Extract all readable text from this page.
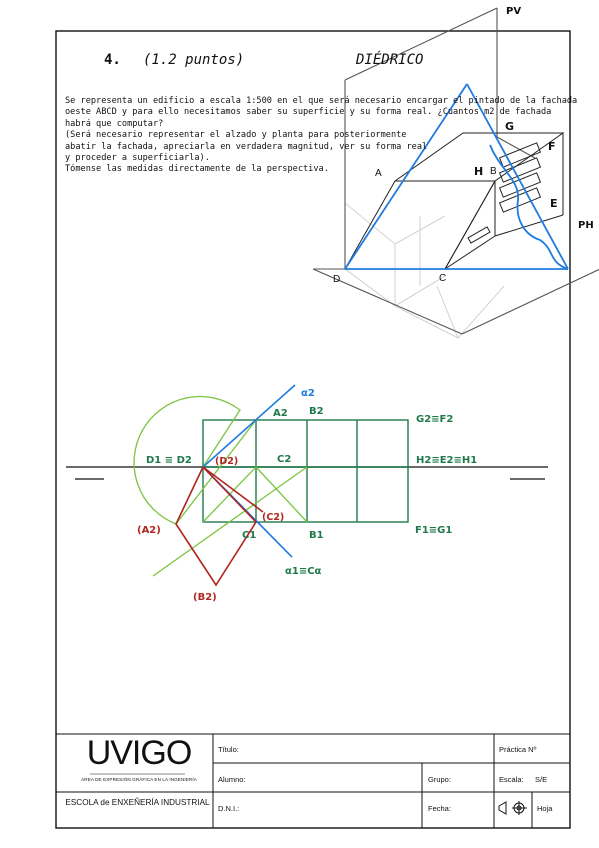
4. (1.2 puntos)	DIÉDRICO
Se representa un edificio a escala 1:500 en el que será necesario encargar el pintado de la fachada
oeste ABCD y para ello necesitamos saber su superficie y su forma real. ¿Cuantos m2 de fachada
habrá que computar?
(Será necesario representar el alzado y planta para posteriormente
abatir la fachada, apreciarla en verdadera magnitud, ver su forma real
y proceder a superficiarla).
Tómense las medidas directamente de la perspectiva.	A	B
C
D
E
F
G
H
PV
PH
α2
A2 B2
G2≡F2
D1 ≡ D2 (D2)	C2	H2≡E2≡H1
(A2)
(C2)
C1	B1	F1≡G1
α1≡Cα
(B2)
UVIGO
ÁREA DE EXPRESIÓN GRÁFICA EN LA INGENIERÍA
ESCOLA de ENXEÑERÍA INDUSTRIAL
Título:
Alumno:
D.N.I.:
Grupo:
Fecha:
Práctica Nº
Escala: S/E
Hoja
